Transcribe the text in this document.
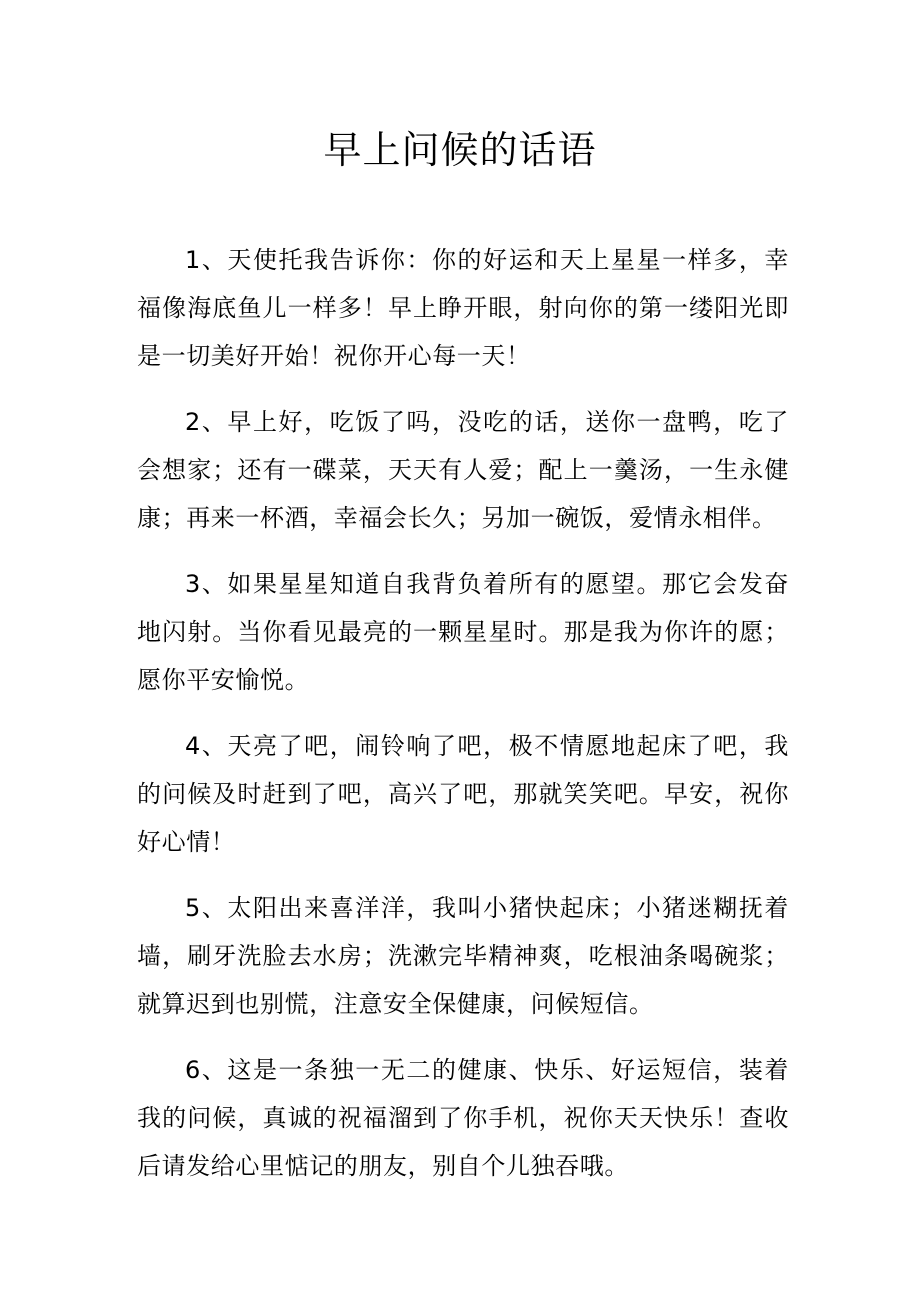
早上问候的话语

1、天使托我告诉你：你的好运和天上星星一样多，幸福像海底鱼儿一样多！早上睁开眼，射向你的第一缕阳光即是一切美好开始！祝你开心每一天！

2、早上好，吃饭了吗，没吃的话，送你一盘鸭，吃了会想家；还有一碟菜，天天有人爱；配上一羹汤，一生永健康；再来一杯酒，幸福会长久；另加一碗饭，爱情永相伴。

3、如果星星知道自我背负着所有的愿望。那它会发奋地闪射。当你看见最亮的一颗星星时。那是我为你许的愿；愿你平安愉悦。

4、天亮了吧，闹铃响了吧，极不情愿地起床了吧，我的问候及时赶到了吧，高兴了吧，那就笑笑吧。早安，祝你好心情！

5、太阳出来喜洋洋，我叫小猪快起床；小猪迷糊抚着墙，刷牙洗脸去水房；洗漱完毕精神爽，吃根油条喝碗浆；就算迟到也别慌，注意安全保健康，问候短信。

6、这是一条独一无二的健康、快乐、好运短信，装着我的问候，真诚的祝福溜到了你手机，祝你天天快乐！查收后请发给心里惦记的朋友，别自个儿独吞哦。
